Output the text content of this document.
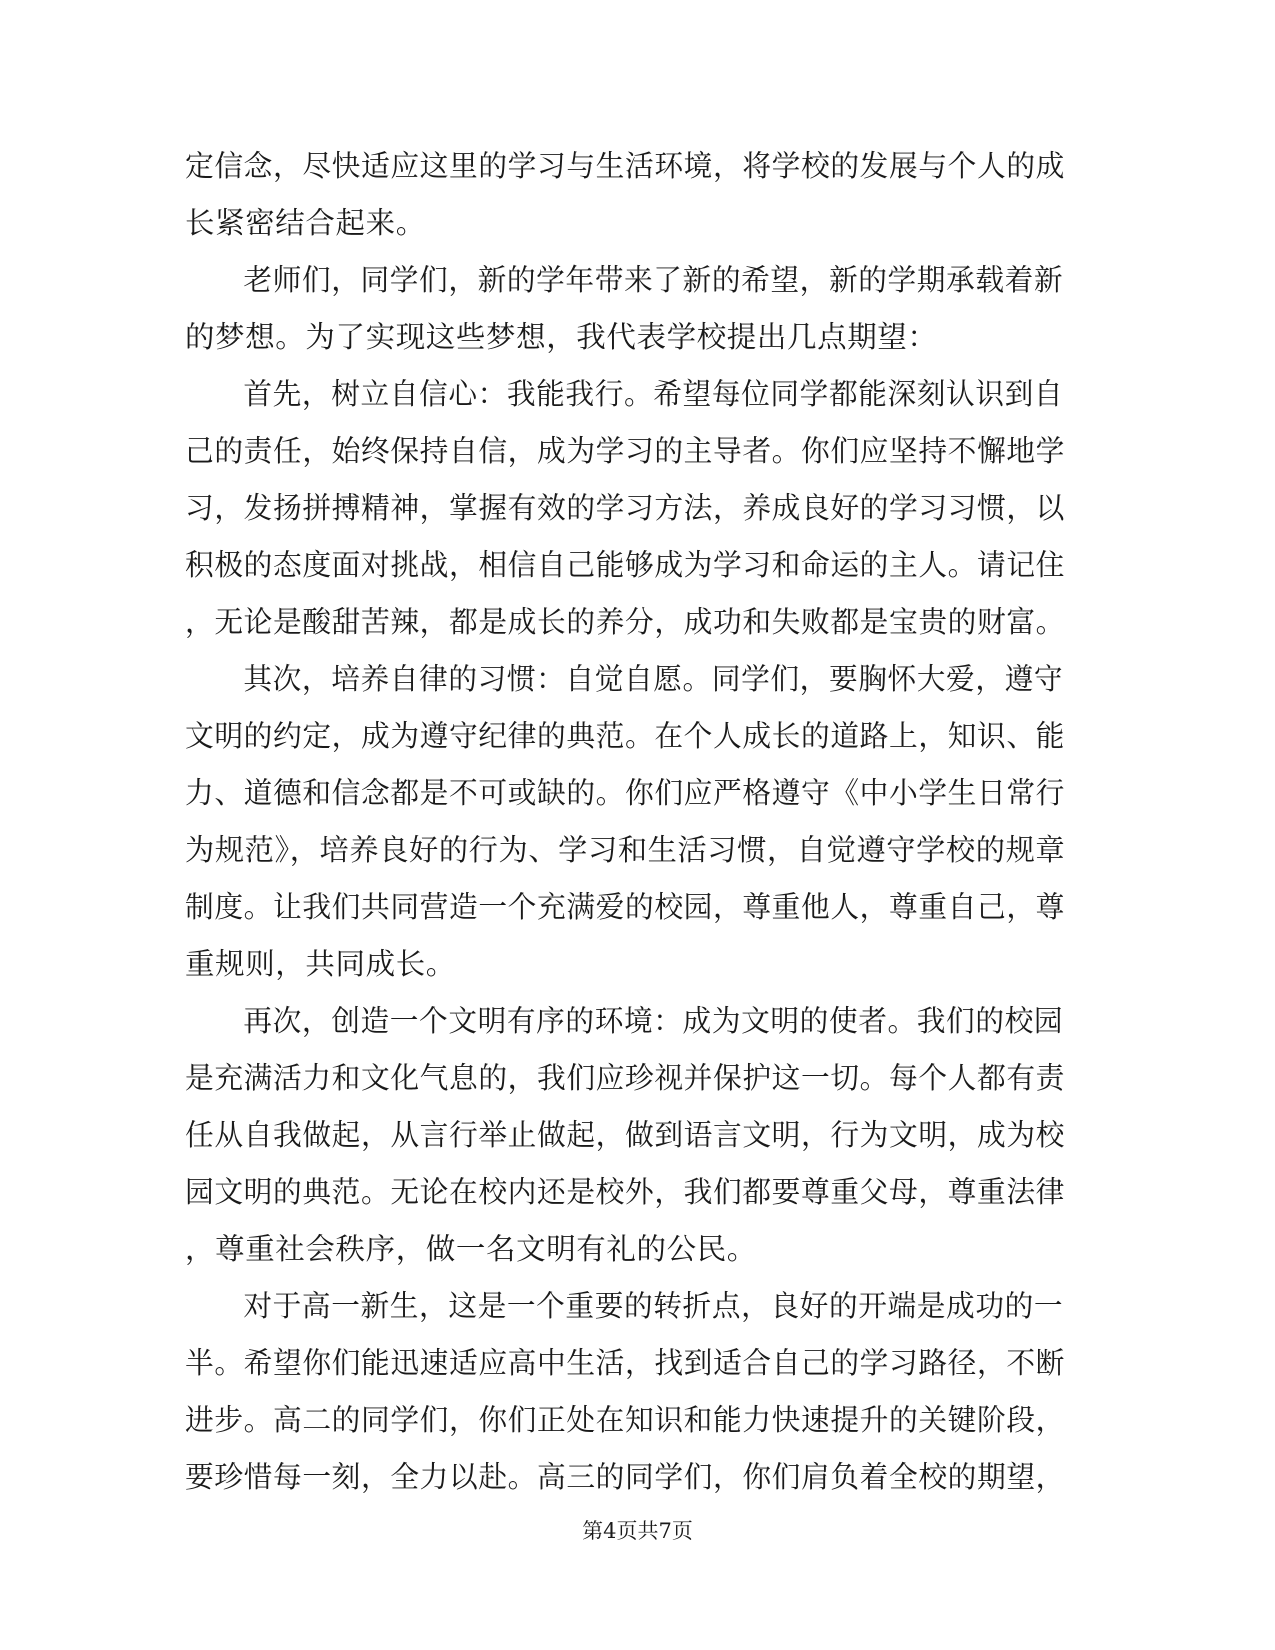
定信念，尽快适应这里的学习与生活环境，将学校的发展与个人的成
长紧密结合起来。
老师们，同学们，新的学年带来了新的希望，新的学期承载着新
的梦想。为了实现这些梦想，我代表学校提出几点期望：
首先，树立自信心：我能我行。希望每位同学都能深刻认识到自
己的责任，始终保持自信，成为学习的主导者。你们应坚持不懈地学
习，发扬拼搏精神，掌握有效的学习方法，养成良好的学习习惯，以
积极的态度面对挑战，相信自己能够成为学习和命运的主人。请记住
，无论是酸甜苦辣，都是成长的养分，成功和失败都是宝贵的财富。
其次，培养自律的习惯：自觉自愿。同学们，要胸怀大爱，遵守
文明的约定，成为遵守纪律的典范。在个人成长的道路上，知识、能
力、道德和信念都是不可或缺的。你们应严格遵守《中小学生日常行
为规范》，培养良好的行为、学习和生活习惯，自觉遵守学校的规章
制度。让我们共同营造一个充满爱的校园，尊重他人，尊重自己，尊
重规则，共同成长。
再次，创造一个文明有序的环境：成为文明的使者。我们的校园
是充满活力和文化气息的，我们应珍视并保护这一切。每个人都有责
任从自我做起，从言行举止做起，做到语言文明，行为文明，成为校
园文明的典范。无论在校内还是校外，我们都要尊重父母，尊重法律
，尊重社会秩序，做一名文明有礼的公民。
对于高一新生，这是一个重要的转折点，良好的开端是成功的一
半。希望你们能迅速适应高中生活，找到适合自己的学习路径，不断
进步。高二的同学们，你们正处在知识和能力快速提升的关键阶段，
要珍惜每一刻，全力以赴。高三的同学们，你们肩负着全校的期望，
第4页共7页
